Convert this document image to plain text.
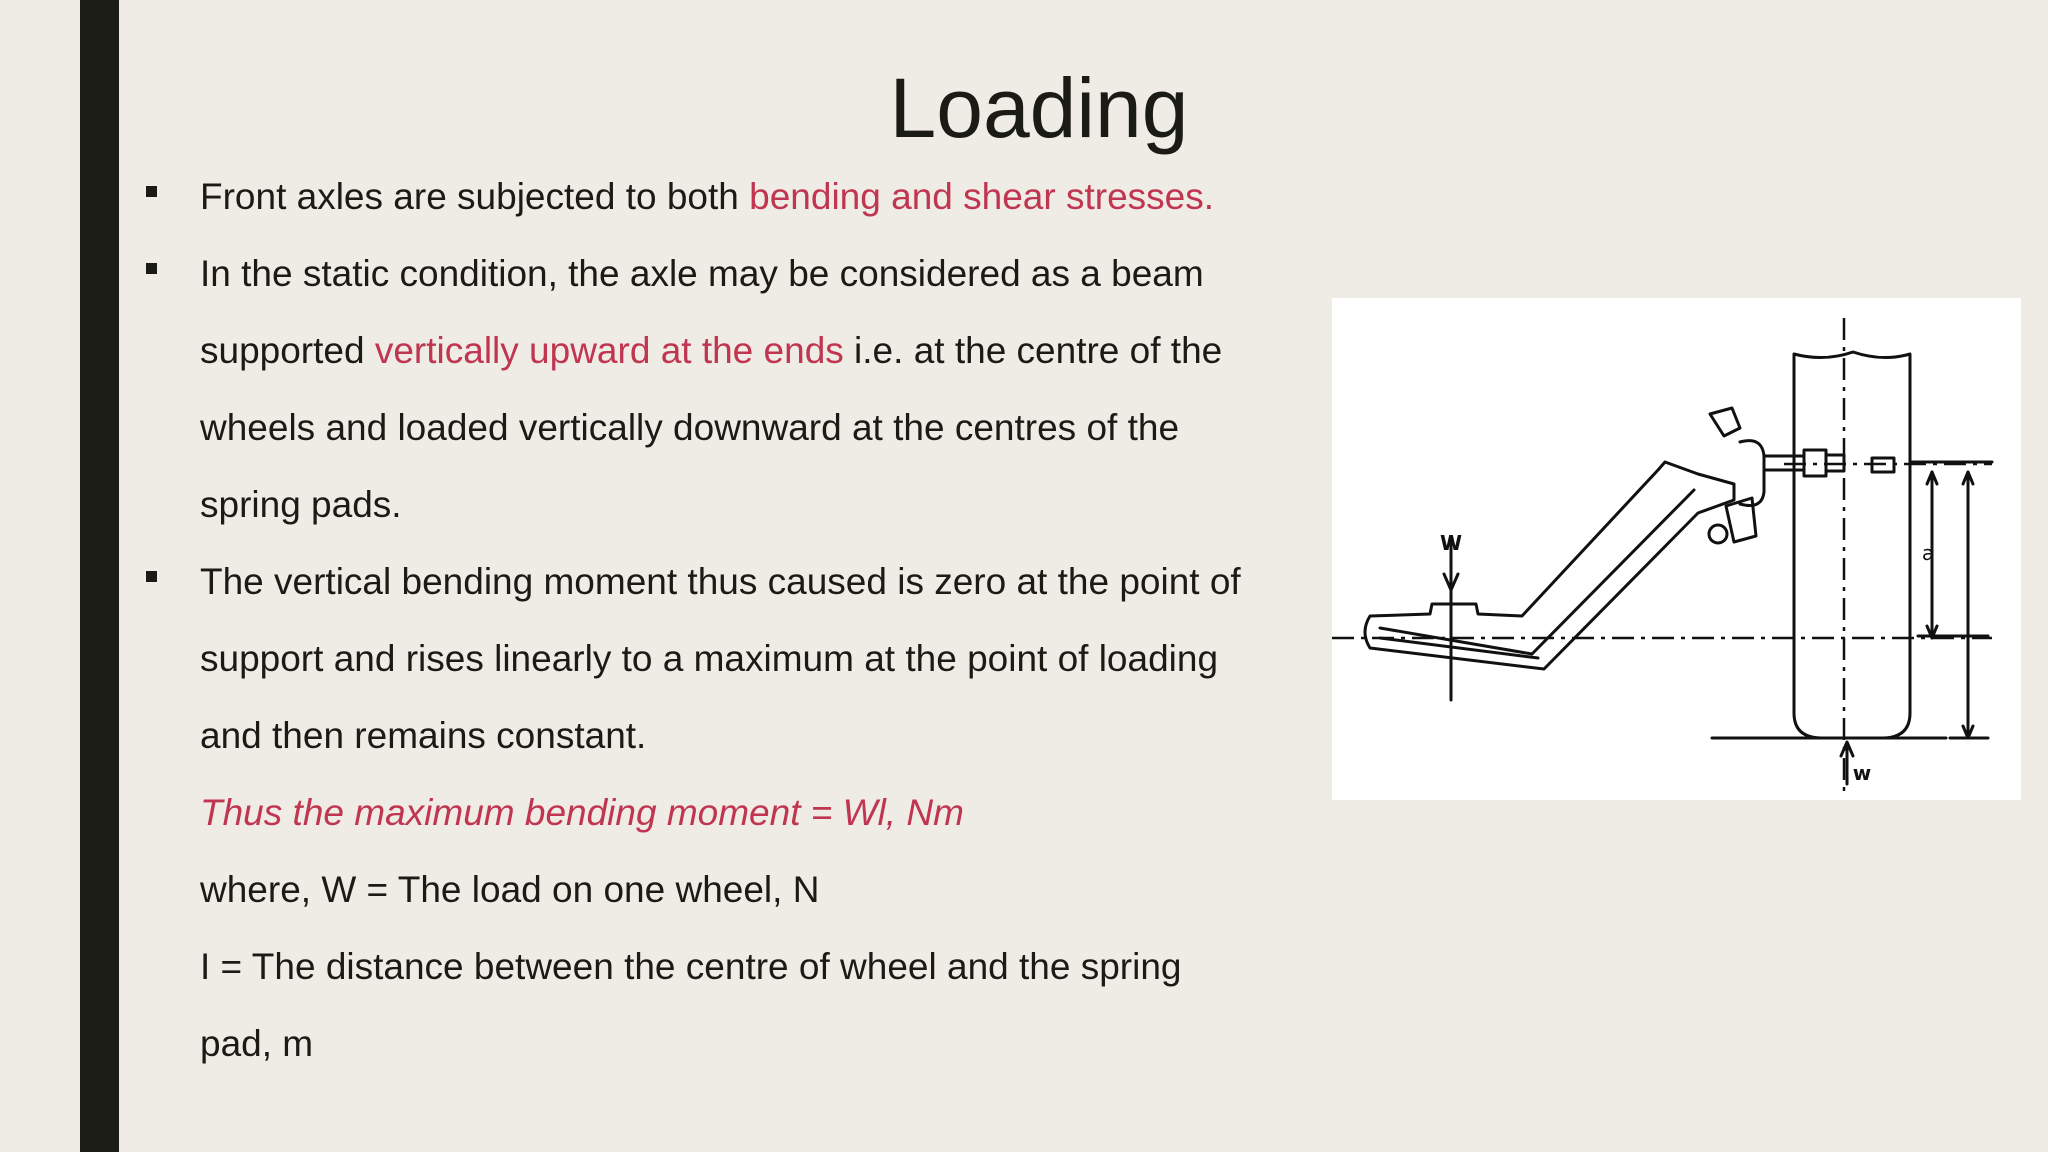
Loading
Front axles are subjected to both bending and shear stresses.
In the static condition, the axle may be considered as a beam
supported vertically upward at the ends i.e. at the centre of the
wheels and loaded vertically downward at the centres of the
spring pads.
The vertical bending moment thus caused is zero at the point of
support and rises linearly to a maximum at the point of loading
and then remains constant.
Thus the maximum bending moment = Wl, Nm
where, W = The load on one wheel, N
I = The distance between the centre of wheel and the spring
pad, m
W
w
a
